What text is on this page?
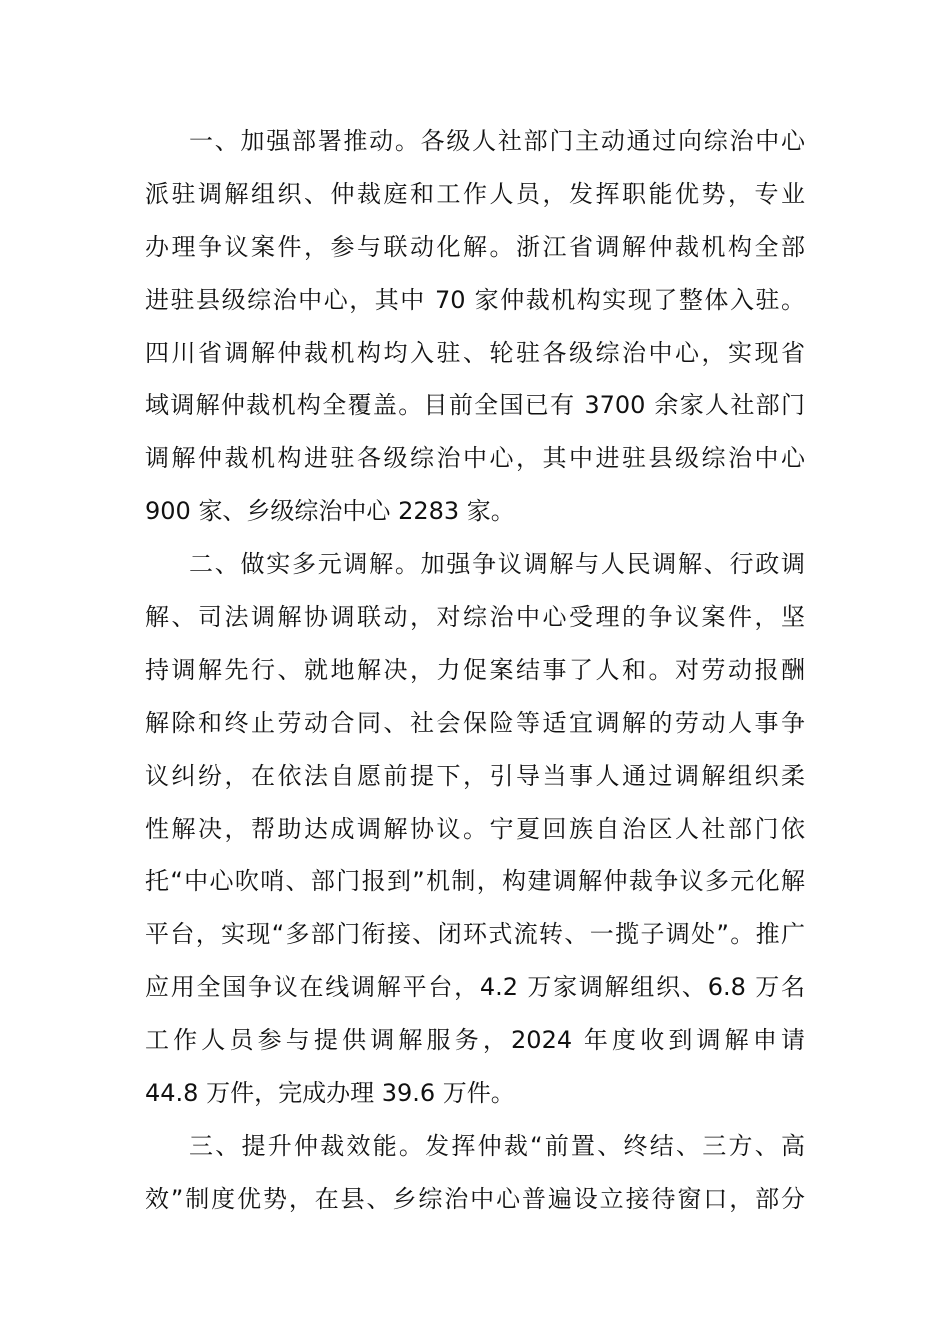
一、加强部署推动。各级人社部门主动通过向综治中心
派驻调解组织、仲裁庭和工作人员，发挥职能优势，专业
办理争议案件，参与联动化解。浙江省调解仲裁机构全部
进驻县级综治中心，其中 70 家仲裁机构实现了整体入驻。
四川省调解仲裁机构均入驻、轮驻各级综治中心，实现省
域调解仲裁机构全覆盖。目前全国已有 3700 余家人社部门
调解仲裁机构进驻各级综治中心，其中进驻县级综治中心
900 家、乡级综治中心 2283 家。
二、做实多元调解。加强争议调解与人民调解、行政调
解、司法调解协调联动，对综治中心受理的争议案件，坚
持调解先行、就地解决，力促案结事了人和。对劳动报酬
解除和终止劳动合同、社会保险等适宜调解的劳动人事争
议纠纷，在依法自愿前提下，引导当事人通过调解组织柔
性解决，帮助达成调解协议。宁夏回族自治区人社部门依
托“中心吹哨、部门报到”机制，构建调解仲裁争议多元化解
平台，实现“多部门衔接、闭环式流转、一揽子调处”。推广
应用全国争议在线调解平台，4.2 万家调解组织、6.8 万名
工作人员参与提供调解服务，2024 年度收到调解申请
44.8 万件，完成办理 39.6 万件。
三、提升仲裁效能。发挥仲裁“前置、终结、三方、高
效”制度优势，在县、乡综治中心普遍设立接待窗口，部分
